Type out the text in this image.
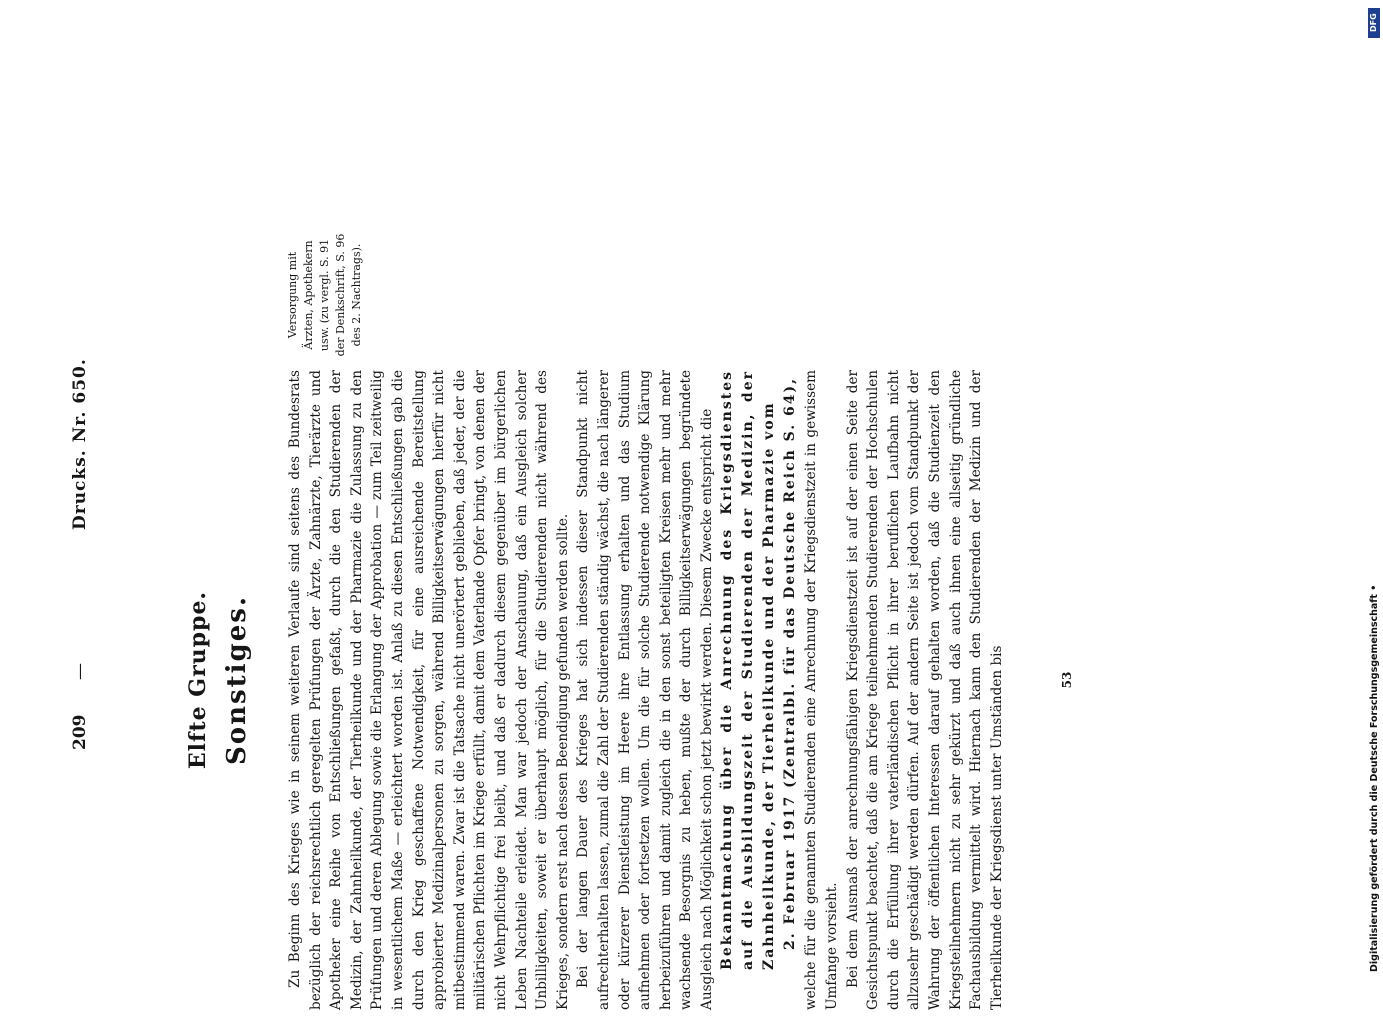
209
—
Drucks. Nr. 650.
Elfte Gruppe. Sonstiges.	Zu Beginn des Krieges wie in seinem weiteren Verlaufe sind seitens des Bundesrats bezüglich der reichsrechtlich geregelten Prüfungen der Ärzte, Zahnärzte, Tierärzte und Apotheker eine Reihe von Entschließungen gefaßt, durch die den Studierenden der Medizin, der Zahnheilkunde, der Tierheilkunde und der Pharmazie die Zulassung zu den Prüfungen und deren Ablegung sowie die Erlangung der Approbation — zum Teil zeitweilig in wesentlichem Maße — erleichtert worden ist. Anlaß zu diesen Entschließungen gab die durch den Krieg geschaffene Notwendigkeit, für eine ausreichende Bereitstellung approbierter Medizinalpersonen zu sorgen, während Billigkeitserwägungen hierfür nicht mitbestimmend waren. Zwar ist die Tatsache nicht unerörtert geblieben, daß jeder, der die militärischen Pflichten im Kriege erfüllt, damit dem Vaterlande Opfer bringt, von denen der nicht Wehrpflichtige frei bleibt, und daß er dadurch diesem gegenüber im bürgerlichen Leben Nachteile erleidet. Man war jedoch der Anschauung, daß ein Ausgleich solcher Unbilligkeiten, soweit er überhaupt möglich, für die Studierenden nicht während des Krieges, sondern erst nach dessen Beendigung gefunden werden sollte. Bei der langen Dauer des Krieges hat sich indessen dieser Standpunkt nicht aufrechterhalten lassen, zumal die Zahl der Studierenden ständig wächst, die nach längerer oder kürzerer Dienstleistung im Heere ihre Entlassung erhalten und das Studium aufnehmen oder fortsetzen wollen. Um die für solche Studierende notwendige Klärung herbeizuführen und damit zugleich die in den sonst beteiligten Kreisen mehr und mehr wachsende Besorgnis zu heben, mußte der durch Billigkeitserwägungen begründete Ausgleich nach Möglichkeit schon jetzt bewirkt werden. Diesem Zwecke entspricht die Bekanntmachung über die Anrechnung des Kriegsdienstes auf die Ausbildungszeit der Studierenden der Medizin, der Zahnheilkunde, der Tierheilkunde und der Pharmazie vom 2. Februar 1917 (Zentralbl. für das Deutsche Reich S. 64), welche für die genannten Studierenden eine Anrechnung der Kriegsdienstzeit in gewissem Umfange vorsieht. Bei dem Ausmaß der anrechnungsfähigen Kriegsdienstzeit ist auf der einen Seite der Gesichtspunkt beachtet, daß die am Kriege teilnehmenden Studierenden der Hochschulen durch die Erfüllung ihrer vaterländischen Pflicht in ihrer beruflichen Laufbahn nicht allzusehr geschädigt werden dürfen. Auf der andern Seite ist jedoch vom Standpunkt der Wahrung der öffentlichen Interessen darauf gehalten worden, daß die Studienzeit den Kriegsteilnehmern nicht zu sehr gekürzt und daß auch ihnen eine allseitig gründliche Fachausbildung vermittelt wird. Hiernach kann den Studierenden der Medizin und der Tierheilkunde der Kriegsdienst unter Umständen bis

Versorgung mit Ärzten, Apothekern usw. (zu vergl. S. 91 der Denkschrift, S. 96 des 2. Nachtrags).
53
DFG
Digitalisierung gefördert durch die Deutsche Forschungsgemeinschaft •
